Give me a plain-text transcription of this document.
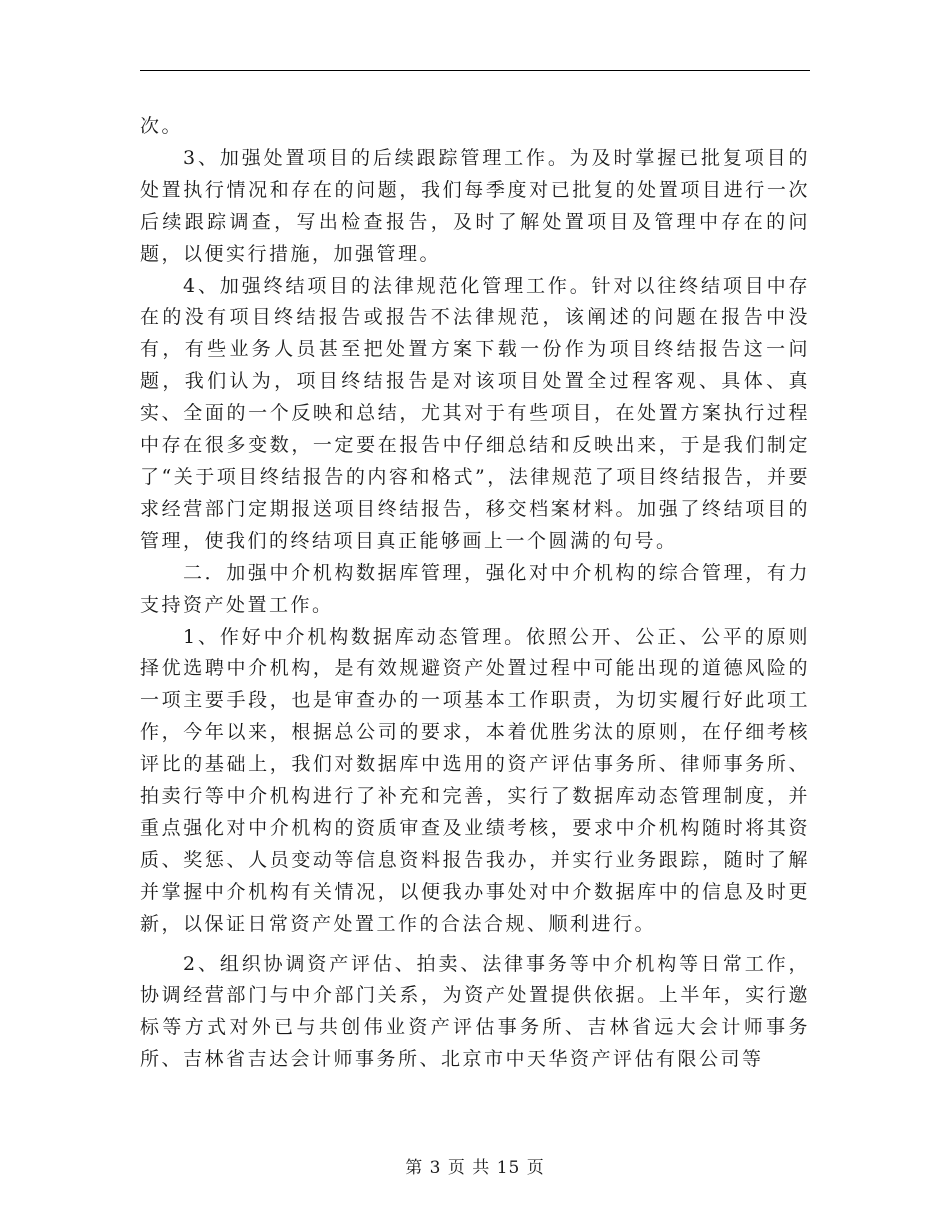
次。

3、加强处置项目的后续跟踪管理工作。为及时掌握已批复项目的处置执行情况和存在的问题，我们每季度对已批复的处置项目进行一次后续跟踪调查，写出检查报告，及时了解处置项目及管理中存在的问题，以便实行措施，加强管理。

4、加强终结项目的法律规范化管理工作。针对以往终结项目中存在的没有项目终结报告或报告不法律规范，该阐述的问题在报告中没有，有些业务人员甚至把处置方案下载一份作为项目终结报告这一问题，我们认为，项目终结报告是对该项目处置全过程客观、具体、真实、全面的一个反映和总结，尤其对于有些项目，在处置方案执行过程中存在很多变数，一定要在报告中仔细总结和反映出来，于是我们制定了“关于项目终结报告的内容和格式”，法律规范了项目终结报告，并要求经营部门定期报送项目终结报告，移交档案材料。加强了终结项目的管理，使我们的终结项目真正能够画上一个圆满的句号。

二．加强中介机构数据库管理，强化对中介机构的综合管理，有力支持资产处置工作。

1、作好中介机构数据库动态管理。依照公开、公正、公平的原则择优选聘中介机构，是有效规避资产处置过程中可能出现的道德风险的一项主要手段，也是审查办的一项基本工作职责，为切实履行好此项工作，今年以来，根据总公司的要求，本着优胜劣汰的原则，在仔细考核评比的基础上，我们对数据库中选用的资产评估事务所、律师事务所、拍卖行等中介机构进行了补充和完善，实行了数据库动态管理制度，并重点强化对中介机构的资质审查及业绩考核，要求中介机构随时将其资质、奖惩、人员变动等信息资料报告我办，并实行业务跟踪，随时了解并掌握中介机构有关情况，以便我办事处对中介数据库中的信息及时更新，以保证日常资产处置工作的合法合规、顺利进行。

2、组织协调资产评估、拍卖、法律事务等中介机构等日常工作，协调经营部门与中介部门关系，为资产处置提供依据。上半年，实行邀标等方式对外已与共创伟业资产评估事务所、吉林省远大会计师事务所、吉林省吉达会计师事务所、北京市中天华资产评估有限公司等

第 3 页 共 15 页
